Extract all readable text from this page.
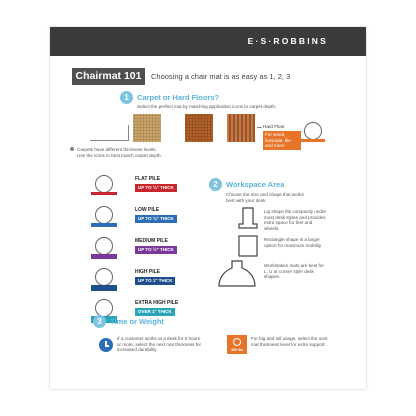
E·S·ROBBINS
Chairmat 101	Choosing a chair mat is as easy as 1, 2, 3
1	Carpet or Hard Floors?
Select the perfect mat by matching application icons to carpet depth.
Hard Floor
For wood, laminate, tile and more
Carpets have different thickness levels.
Use the icons to best match carpet depth.
FLAT PILE
UP TO ¼" THICK
LOW PILE
UP TO ⅜" THICK
MEDIUM PILE
UP TO ½" THICK
HIGH PILE
UP TO 1" THICK
EXTRA HIGH PILE
OVER 1" THICK
2	Workspace Area
Choose the size and shape that works best with your desk.
Lip shape fits compactly under most desk styles and provides extra space for feet and wheels.
Rectangle shape is a larger option for maximum mobility
Workstation mats are best for L, U or corner style desk shapes.
3	Time or Weight
If a customer works at a desk for 8 hours or more, select the next mat thickness for increased durability.	300 lbs
For big and tall usage, select the next mat thickness level for extra support.
